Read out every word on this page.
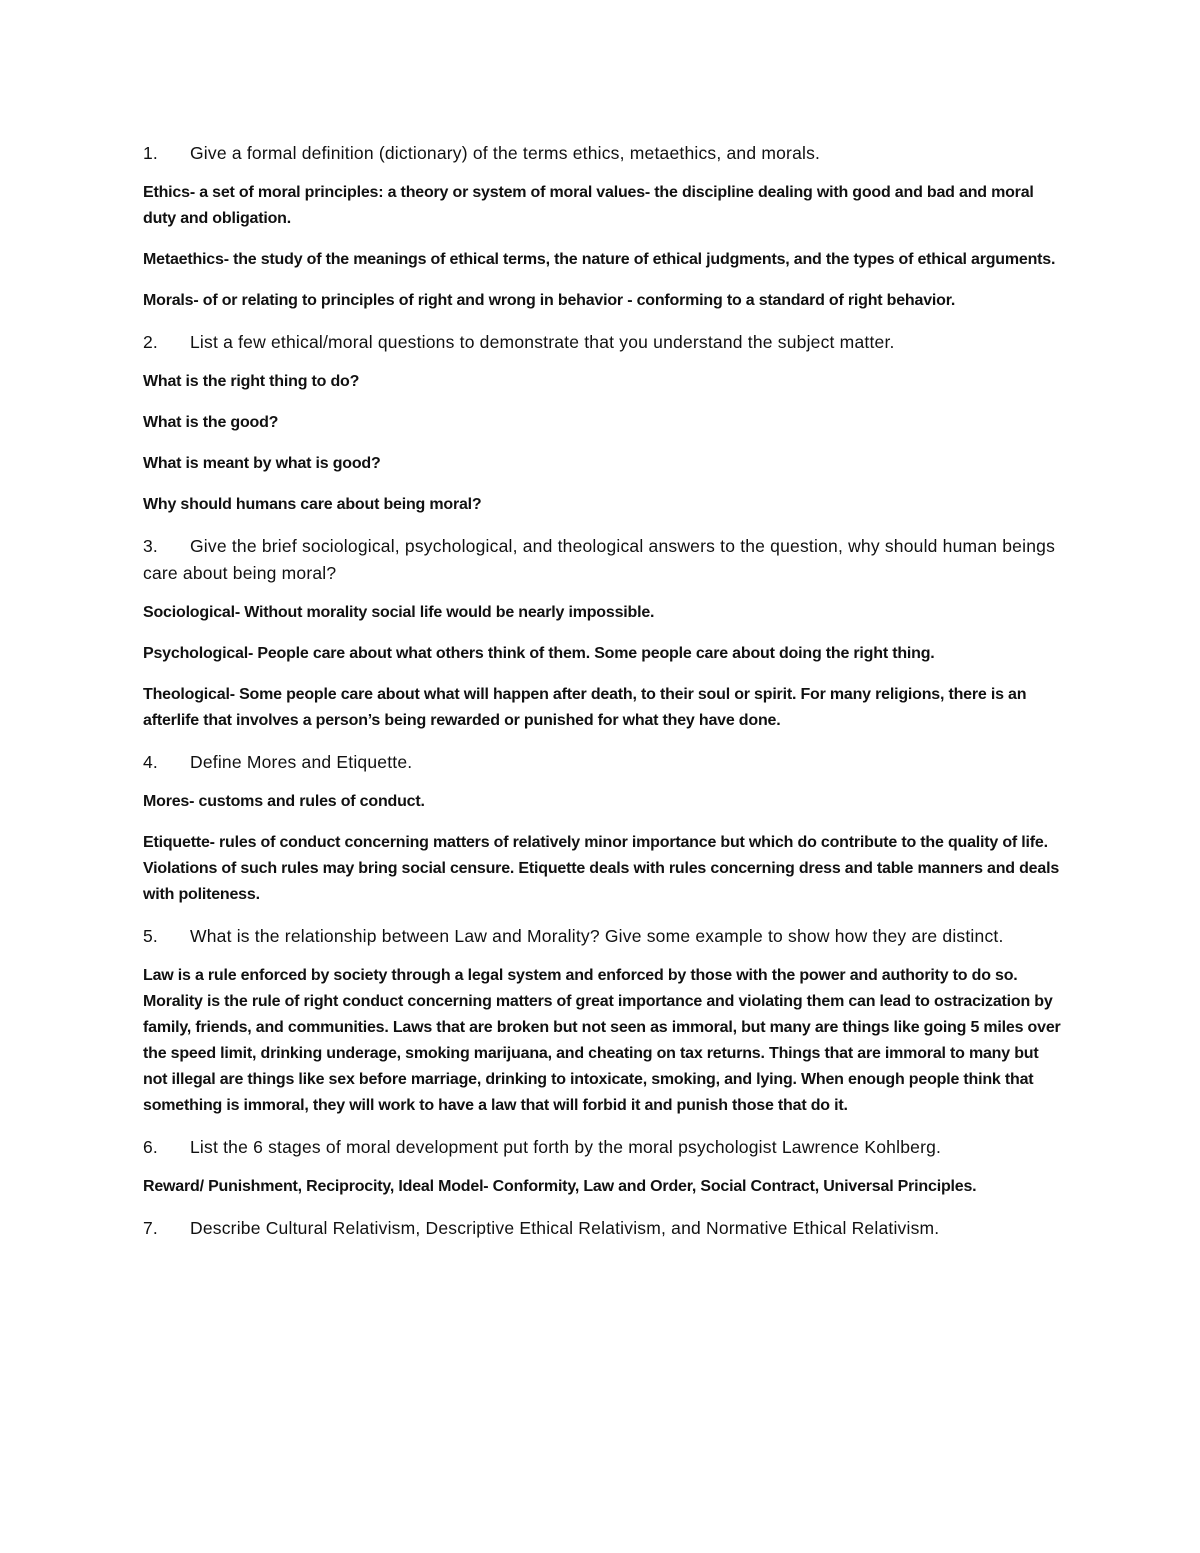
1.	Give a formal definition (dictionary) of the terms ethics, metaethics, and morals.

Ethics- a set of moral principles: a theory or system of moral values- the discipline dealing with good and bad and moral duty and obligation.

Metaethics- the study of the meanings of ethical terms, the nature of ethical judgments, and the types of ethical arguments.

Morals- of or relating to principles of right and wrong in behavior - conforming to a standard of right behavior.

2.	List a few ethical/moral questions to demonstrate that you understand the subject matter.

What is the right thing to do?

What is the good?

What is meant by what is good?

Why should humans care about being moral?

3. Give the brief sociological, psychological, and theological answers to the question, why should human beings care about being moral?

Sociological- Without morality social life would be nearly impossible.

Psychological- People care about what others think of them. Some people care about doing the right thing.

Theological- Some people care about what will happen after death, to their soul or spirit. For many religions, there is an afterlife that involves a person’s being rewarded or punished for what they have done.

4.	Define Mores and Etiquette.

Mores- customs and rules of conduct.

Etiquette- rules of conduct concerning matters of relatively minor importance but which do contribute to the quality of life. Violations of such rules may bring social censure. Etiquette deals with rules concerning dress and table manners and deals with politeness.

5. What is the relationship between Law and Morality? Give some example to show how they are distinct.

Law is a rule enforced by society through a legal system and enforced by those with the power and authority to do so. Morality is the rule of right conduct concerning matters of great importance and violating them can lead to ostracization by family, friends, and communities. Laws that are broken but not seen as immoral, but many are things like going 5 miles over the speed limit, drinking underage, smoking marijuana, and cheating on tax returns. Things that are immoral to many but not illegal are things like sex before marriage, drinking to intoxicate, smoking, and lying. When enough people think that something is immoral, they will work to have a law that will forbid it and punish those that do it.

6.	List the 6 stages of moral development put forth by the moral psychologist Lawrence Kohlberg.

Reward/ Punishment, Reciprocity, Ideal Model- Conformity, Law and Order, Social Contract, Universal Principles.

7.	Describe Cultural Relativism, Descriptive Ethical Relativism, and Normative Ethical Relativism.
